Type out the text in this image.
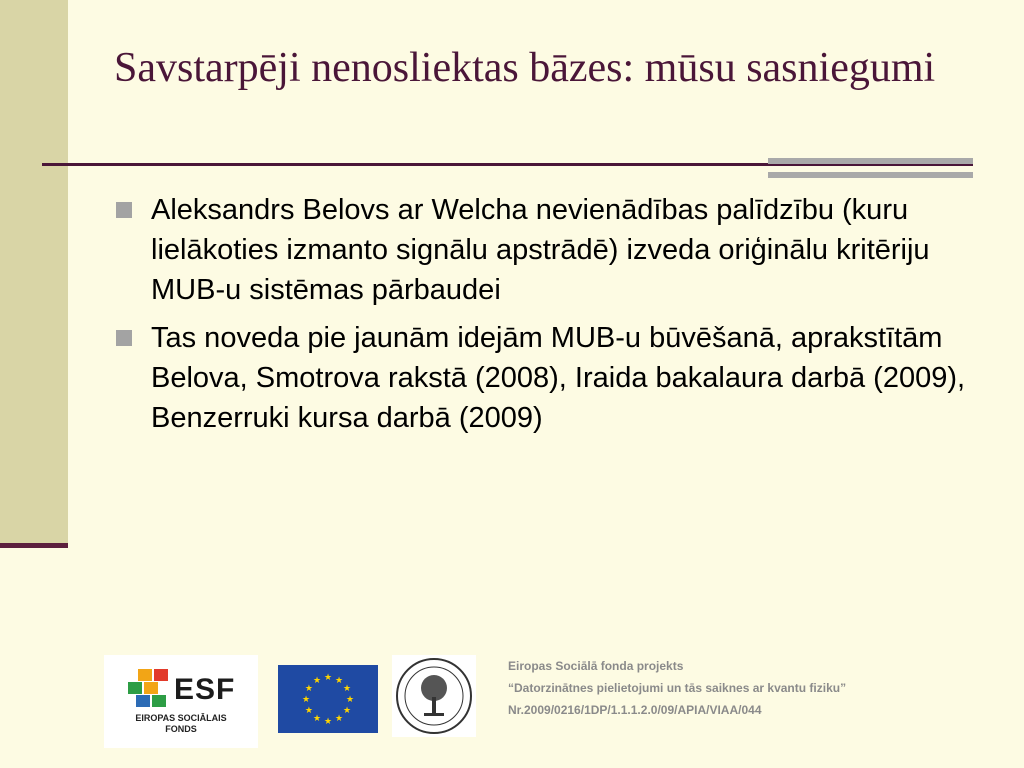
Savstarpēji nenosliektas bāzes: mūsu sasniegumi
Aleksandrs Belovs ar Welcha nevienādības palīdzību (kuru lielākoties izmanto signālu apstrādē) izveda oriģinālu kritēriju MUB-u sistēmas pārbaudei
Tas noveda pie jaunām idejām MUB-u būvēšanā, aprakstītām Belova, Smotrova rakstā (2008), Iraida bakalaura darbā (2009), Benzerruki kursa darbā (2009)
ESF
EIROPAS SOCIĀLAIS
FONDS
★ ★
★
★
★
★
★
★
★
★
★
★
Eiropas Sociālā fonda projekts
“Datorzinātnes pielietojumi un tās saiknes ar kvantu fiziku”
Nr.2009/0216/1DP/1.1.1.2.0/09/APIA/VIAA/044
